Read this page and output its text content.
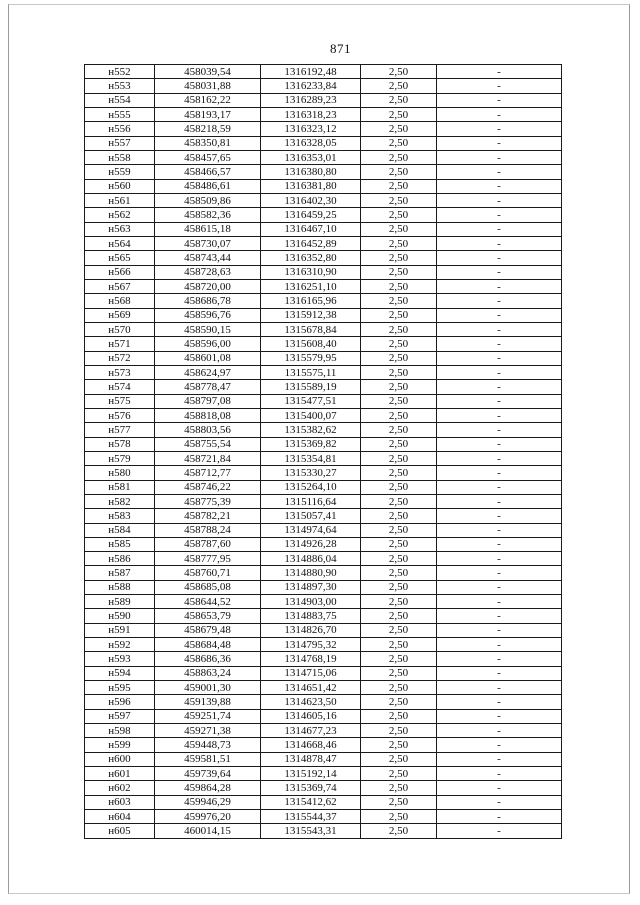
871
н552	458039,54	1316192,48	2,50	-
н553	458031,88	1316233,84	2,50	-
н554	458162,22	1316289,23	2,50	-
н555	458193,17	1316318,23	2,50	-
н556	458218,59	1316323,12	2,50	-
н557	458350,81	1316328,05	2,50	-
н558	458457,65	1316353,01	2,50	-
н559	458466,57	1316380,80	2,50	-
н560	458486,61	1316381,80	2,50	-
н561	458509,86	1316402,30	2,50	-
н562	458582,36	1316459,25	2,50	-
н563	458615,18	1316467,10	2,50	-
н564	458730,07	1316452,89	2,50	-
н565	458743,44	1316352,80	2,50	-
н566	458728,63	1316310,90	2,50	-
н567	458720,00	1316251,10	2,50	-
н568	458686,78	1316165,96	2,50	-
н569	458596,76	1315912,38	2,50	-
н570	458590,15	1315678,84	2,50	-
н571	458596,00	1315608,40	2,50	-
н572	458601,08	1315579,95	2,50	-
н573	458624,97	1315575,11	2,50	-
н574	458778,47	1315589,19	2,50	-
н575	458797,08	1315477,51	2,50	-
н576	458818,08	1315400,07	2,50	-
н577	458803,56	1315382,62	2,50	-
н578	458755,54	1315369,82	2,50	-
н579	458721,84	1315354,81	2,50	-
н580	458712,77	1315330,27	2,50	-
н581	458746,22	1315264,10	2,50	-
н582	458775,39	1315116,64	2,50	-
н583	458782,21	1315057,41	2,50	-
н584	458788,24	1314974,64	2,50	-
н585	458787,60	1314926,28	2,50	-
н586	458777,95	1314886,04	2,50	-
н587	458760,71	1314880,90	2,50	-
н588	458685,08	1314897,30	2,50	-
н589	458644,52	1314903,00	2,50	-
н590	458653,79	1314883,75	2,50	-
н591	458679,48	1314826,70	2,50	-
н592	458684,48	1314795,32	2,50	-
н593	458686,36	1314768,19	2,50	-
н594	458863,24	1314715,06	2,50	-
н595	459001,30	1314651,42	2,50	-
н596	459139,88	1314623,50	2,50	-
н597	459251,74	1314605,16	2,50	-
н598	459271,38	1314677,23	2,50	-
н599	459448,73	1314668,46	2,50	-
н600	459581,51	1314878,47	2,50	-
н601	459739,64	1315192,14	2,50	-
н602	459864,28	1315369,74	2,50	-
н603	459946,29	1315412,62	2,50	-
н604	459976,20	1315544,37	2,50	-
н605	460014,15	1315543,31	2,50	-
